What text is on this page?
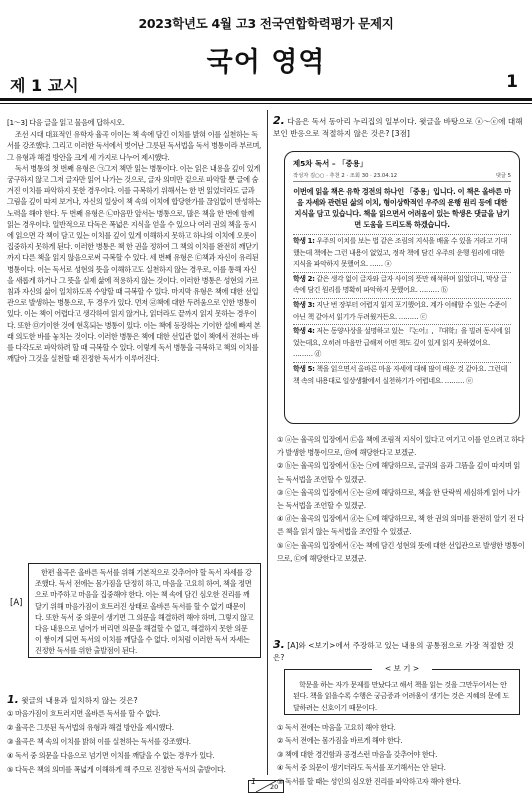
2023학년도 4월 고3 전국연합학력평가 문제지
국어 영역
제 1 교시	1

[1～3] 다음 글을 읽고 물음에 답하시오.

조선 시대 대표적인 유학자 율곡 이이는 책 속에 담긴 이치를 밝혀 이를 실천하는 독서를 강조했다. 그리고 이러한 독서에서 벗어난 그릇된 독서법을 독서 병통이라 부르며, 그 유형과 해결 방안을 크게 세 가지로 나누어 제시했다.

독서 병통의 첫 번째 유형은 ㉠그저 책만 읽는 병통이다. 이는 읽은 내용을 깊이 있게 궁구하지 않고 그저 글자만 읽어 나가는 것으로, 글자 의미만 겉으로 파악할 뿐 글에 숨겨진 이치를 파악하지 못한 경우이다. 이를 극복하기 위해서는 한 번 읽었더라도 글과 그림을 깊이 따져 보거나, 자신의 일상이 책 속의 이치에 합당한가를 끊임없이 반성하는 노력을 해야 한다. 두 번째 유형은 ㉡마음만 앞서는 병통으로, 많은 책을 한 번에 함께 읽는 경우이다. 일반적으로 다독은 폭넓은 지식을 얻을 수 있으나 여러 권의 책을 동시에 읽으면 각 책이 담고 있는 이치를 깊이 있게 이해하지 못하고 하나의 이치에 오롯이 집중하지 못하게 된다. 이러한 병통은 책 한 권을 정하여 그 책의 이치를 완전히 깨닫기까지 다른 책을 읽지 않음으로써 극복할 수 있다. 세 번째 유형은 ㉢책과 자신이 유리된 병통이다. 이는 독서로 성현의 뜻을 이해하고도 실천하지 않는 경우로, 이를 통해 자신을 새롭게 하거나 그 뜻을 실제 삶에 적용하지 않는 것이다. 이러한 병통은 성현의 가르침과 자신의 삶이 일치하도록 수양할 때 극복할 수 있다. 마지막 유형은 책에 대한 선입관으로 발생하는 병통으로, 두 경우가 있다. 먼저 ㉣책에 대한 두려움으로 인한 병통이 있다. 이는 책이 어렵다고 생각하여 읽지 않거나, 읽더라도 끝까지 읽지 못하는 경우이다. 또한 ㉤기이한 것에 현혹되는 병통이 있다. 이는 책에 등장하는 기이한 설에 빠져 본래 의도한 바를 놓치는 것이다. 이러한 병통은 책에 대한 선입관 없이 책에서 전하는 바를 다각도로 파악하려 할 때 극복할 수 있다. 이렇게 독서 병통을 극복하고 책의 이치를 깨달아 그것을 실천할 때 진정한 독서가 이루어진다.

[A]
한편 율곡은 올바른 독서를 위해 기본적으로 갖추어야 할 독서 자세를 강조했다. 독서 전에는 몸가짐을 단정히 하고, 마음을 고요히 하여, 책을 정면으로 마주하고 마음을 집중해야 한다. 이는 책 속에 담긴 심오한 진리를 깨달기 위해 마음가짐이 흐트러진 상태로 올바른 독서를 할 수 없기 때문이다. 또한 독서 중 의문이 생기면 그 의문을 해결하려 해야 하며, 그렇지 않고 다음 내용으로 넘어가 버리면 의문을 해결할 수 없고, 해결하지 못한 의문이 쌓이게 되면 독서의 이치를 깨달을 수 없다. 이처럼 이러한 독서 자세는 진정한 독서를 위한 출발점이 된다.
1. 윗글의 내용과 일치하지 않는 것은?
① 마음가짐이 흐트러지면 올바른 독서를 할 수 없다.
② 율곡은 그릇된 독서법의 유형과 해결 방안을 제시했다.
③ 율곡은 책 속의 이치를 밝혀 이를 실천하는 독서를 강조했다.
④ 독서 중 의문을 다음으로 넘기면 이치를 깨달을 수 없는 경우가 있다.
⑤ 다독은 책의 의미를 폭넓게 이해하게 해 주므로 진정한 독서의 출발이다.
2. 다음은 독서 동아리 누리집의 일부이다. 윗글을 바탕으로 ⓐ～ⓔ에 대해 보인 반응으로 적절하지 않은 것은? [3점]
제5차 독서 – 「중용」
작성자 김○○ · 추천 2 · 조회 30 · 23.04.12	댓글 5
이번에 읽을 책은 유학 경전의 하나인 「중용」입니다. 이 책은 올바른 마음 자세와 관련된 삶의 이치, 형이상학적인 우주의 운행 원리 등에 대한 지식을 담고 있습니다. 책을 읽으면서 어려움이 있는 학생은 댓글을 남기면 도움을 드리도록 하겠습니다.
학생 1: 우주의 이치를 보는 법 같은 조림의 지식을 배울 수 있을 거라고 기대했는데 책에는 그런 내용이 없었고, 정작 책에 담긴 우주의 운행 원리에 대한 지식을 파악하지 못했어요. …… ⓐ
학생 2: 같은 생각 없이 글자와 글자 사이의 뜻만 해석하며 읽었더니, 막상 글 속에 담긴 원리를 명확히 파악하지 못했어요. ……… ⓑ
학생 3: 지난 번 장부터 어렵지 읽지 포기했어요. 계가 이해할 수 있는 수준이 아닌 책 같아서 읽기가 두려웠거든요. ……… ⓒ
학생 4: 저는 동양사상을 설명하고 있는 『논어』, 『대학』을 빌려 동시에 읽었는데요, 오히려 마음만 급해져 어떤 책도 깊이 있게 읽지 못하였어요. ……… ⓓ
학생 5: 책을 읽으면서 올바른 마음 자세에 대해 많이 배운 것 같아요. 그런데 책 속의 내용대로 일상생활에서 실천하기가 어렵네요. ……… ⓔ
① ⓐ는 율곡의 입장에서 ㉢을 책에 조림적 지식이 있다고 여기고 이를 얻으려고 하다가 발생한 병통이므로, ㉤에 해당한다고 보겠군.
② ⓑ는 율곡의 입장에서 ⓑ는 ㉠에 해당하므로, 글귀의 음과 그뜸을 깊이 따지며 읽는 독서법을 조언할 수 있겠군.
③ ⓒ는 율곡의 입장에서 ⓒ는 ㉣에 해당하므로, 책을 한 단락씩 세심하게 읽어 나가는 독서법을 조언할 수 있겠군.
④ ⓓ는 율곡의 입장에서 ⓓ는 ㉡에 해당하므로, 책 한 권의 의미를 완전히 알기 전 다른 책을 읽지 않는 독서법을 조언할 수 있겠군.
⑤ ⓔ는 율곡의 입장에서 ⓔ는 책에 담긴 성현의 뜻에 대한 선입관으로 발생한 병통이므로, ㉢에 해당한다고 보겠군.
3. [A]와 <보기>에서 주장하고 있는 내용의 공통점으로 가장 적절한 것은?
학문을 하는 자가 문제를 만났다고 해서 책을 읽는 것을 그만두어서는 안 된다. 책을 읽을수록 수행은 궁금증과 어려움이 생기는 것은 지혜의 문에 도달하려는 신호이기 때문이다.
< 보 기 >
① 독서 전에는 마음을 고요히 해야 한다.
② 독서 전에는 몸가짐을 바르게 해야 한다.
③ 책에 대한 경건함과 공경스런 마음을 갖추어야 한다.
④ 독서 중 의문이 생기더라도 독서를 포기해서는 안 된다.
⑤ 독서를 할 때는 성인의 심오한 진리를 파악하고자 해야 한다.
1
20
